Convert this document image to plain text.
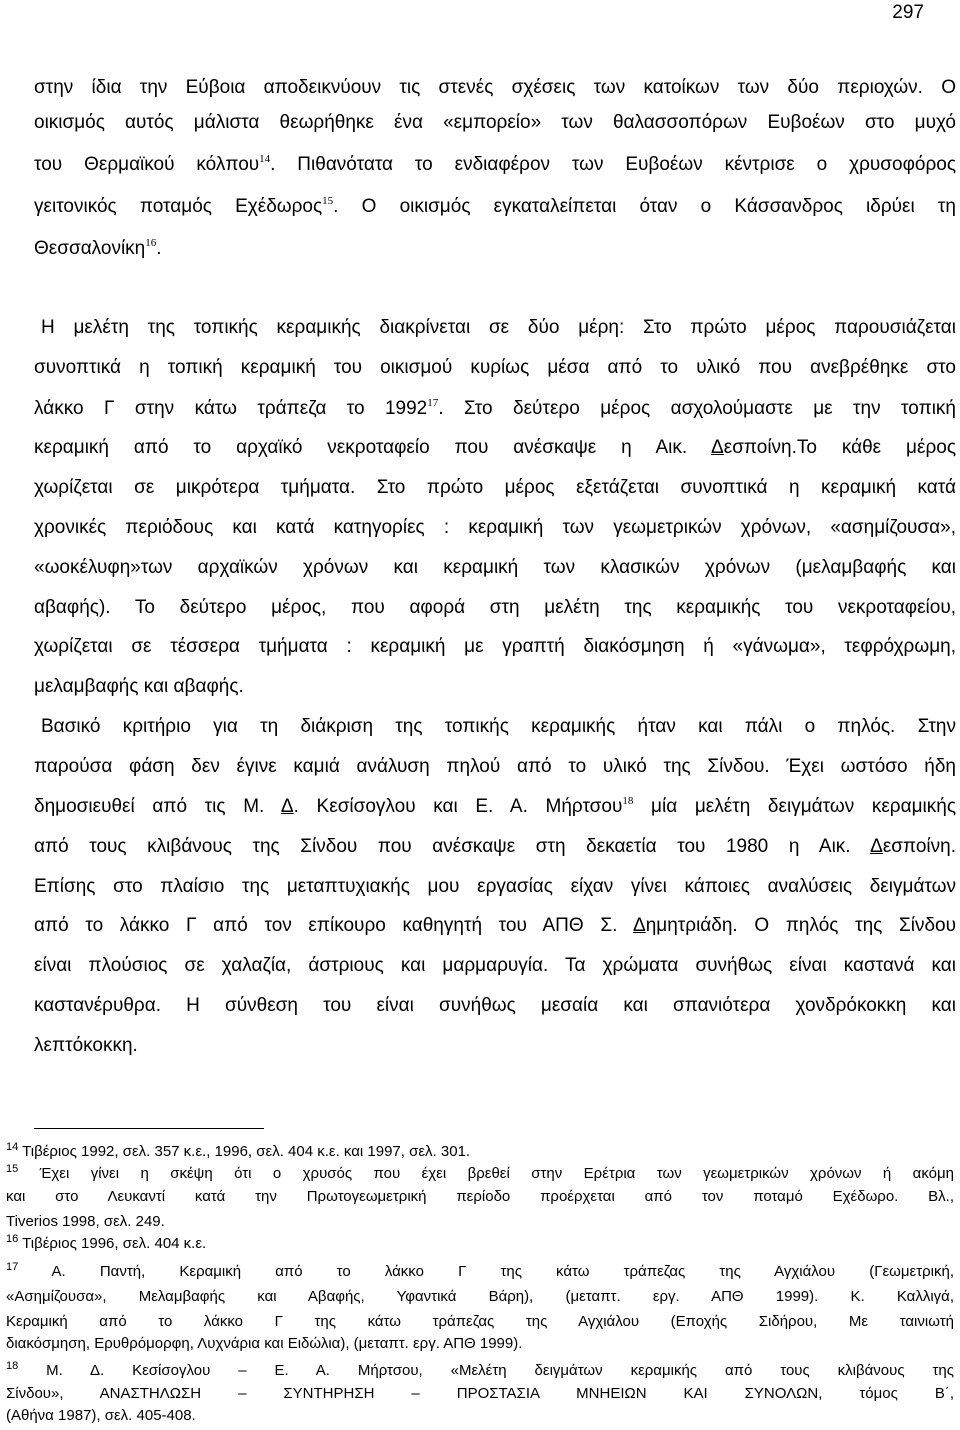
297
στην ίδια την Εύβοια αποδεικνύουν τις στενές σχέσεις των κατοίκων των δύο περιοχών. Ο
οικισμός αυτός μάλιστα θεωρήθηκε ένα «εμπορείο» των θαλασσοπόρων Ευβοέων στο μυχό
του Θερμαϊκού κόλπου$^{14}$. Πιθανότατα το ενδιαφέρον των Ευβοέων κέντρισε ο χρυσοφόρος
γειτονικός ποταμός Εχέδωρος$^{15}$. Ο οικισμός εγκαταλείπεται όταν ο Κάσσανδρος ιδρύει τη
Θεσσαλονίκη$^{16}$.
Η μελέτη της τοπικής κεραμικής διακρίνεται σε δύο μέρη: Στο πρώτο μέρος παρουσιάζεται
συνοπτικά η τοπική κεραμική του οικισμού κυρίως μέσα από το υλικό που ανεβρέθηκε στο
λάκκο Γ στην κάτω τράπεζα το 1992$^{17}$. Στο δεύτερο μέρος ασχολούμαστε με την τοπική
κεραμική από το αρχαϊκό νεκροταφείο που ανέσκαψε η Αικ. Δεσποίνη.Το κάθε μέρος
χωρίζεται σε μικρότερα τμήματα. Στο πρώτο μέρος εξετάζεται συνοπτικά η κεραμική κατά
χρονικές περιόδους και κατά κατηγορίες : κεραμική των γεωμετρικών χρόνων, «ασημίζουσα»,
«ωοκέλυφη»των αρχαϊκών χρόνων και κεραμική των κλασικών χρόνων (μελαμβαφής και
αβαφής). Το δεύτερο μέρος, που αφορά στη μελέτη της κεραμικής του νεκροταφείου,
χωρίζεται σε τέσσερα τμήματα : κεραμική με γραπτή διακόσμηση ή «γάνωμα», τεφρόχρωμη,
μελαμβαφής και αβαφής.
Βασικό κριτήριο για τη διάκριση της τοπικής κεραμικής ήταν και πάλι ο πηλός. Στην
παρούσα φάση δεν έγινε καμιά ανάλυση πηλού από το υλικό της Σίνδου. Έχει ωστόσο ήδη
δημοσιευθεί από τις Μ. Δ. Κεσίσογλου και Ε. Α. Μήρτσου$^{18}$ μία μελέτη δειγμάτων κεραμικής
από τους κλιβάνους της Σίνδου που ανέσκαψε στη δεκαετία του 1980 η Αικ. Δεσποίνη.
Επίσης στο πλαίσιο της μεταπτυχιακής μου εργασίας είχαν γίνει κάποιες αναλύσεις δειγμάτων
από το λάκκο Γ από τον επίκουρο καθηγητή του ΑΠΘ Σ. Δημητριάδη. Ο πηλός της Σίνδου
είναι πλούσιος σε χαλαζία, άστριους και μαρμαρυγία. Τα χρώματα συνήθως είναι καστανά και
καστανέρυθρα. Η σύνθεση του είναι συνήθως μεσαία και σπανιότερα χονδρόκοκκη και
λεπτόκοκκη.
$^{14}$ Τιβέριος 1992, σελ. 357 κ.ε., 1996, σελ. 404 κ.ε. και 1997, σελ. 301.
$^{15}$ Έχει γίνει η σκέψη ότι ο χρυσός που έχει βρεθεί στην Ερέτρια των γεωμετρικών χρόνων ή ακόμη
και στο Λευκαντί κατά την Πρωτογεωμετρική περίοδο προέρχεται από τον ποταμό Εχέδωρο. Βλ.,
Tiverios 1998, σελ. 249.
$^{16}$ Τιβέριος 1996, σελ. 404 κ.ε.
$^{17}$ Α. Παντή, Κεραμική από το λάκκο Γ της κάτω τράπεζας της Αγχιάλου (Γεωμετρική,
«Ασημίζουσα», Μελαμβαφής και Αβαφής, Υφαντικά Βάρη), (μεταπτ. εργ. ΑΠΘ 1999). Κ. Καλλιγά,
Κεραμική από το λάκκο Γ της κάτω τράπεζας της Αγχιάλου (Εποχής Σιδήρου, Με ταινιωτή
διακόσμηση, Ερυθρόμορφη, Λυχνάρια και Ειδώλια), (μεταπτ. εργ. ΑΠΘ 1999).
$^{18}$ Μ. Δ. Κεσίσογλου – Ε. Α. Μήρτσου, «Μελέτη δειγμάτων κεραμικής από τους κλιβάνους της
Σίνδου», ΑΝΑΣΤΗΛΩΣΗ – ΣΥΝΤΗΡΗΣΗ – ΠΡΟΣΤΑΣΙΑ ΜΝΗΕΙΩΝ ΚΑΙ ΣΥΝΟΛΩΝ, τόμος Β΄,
(Αθήνα 1987), σελ. 405-408.
